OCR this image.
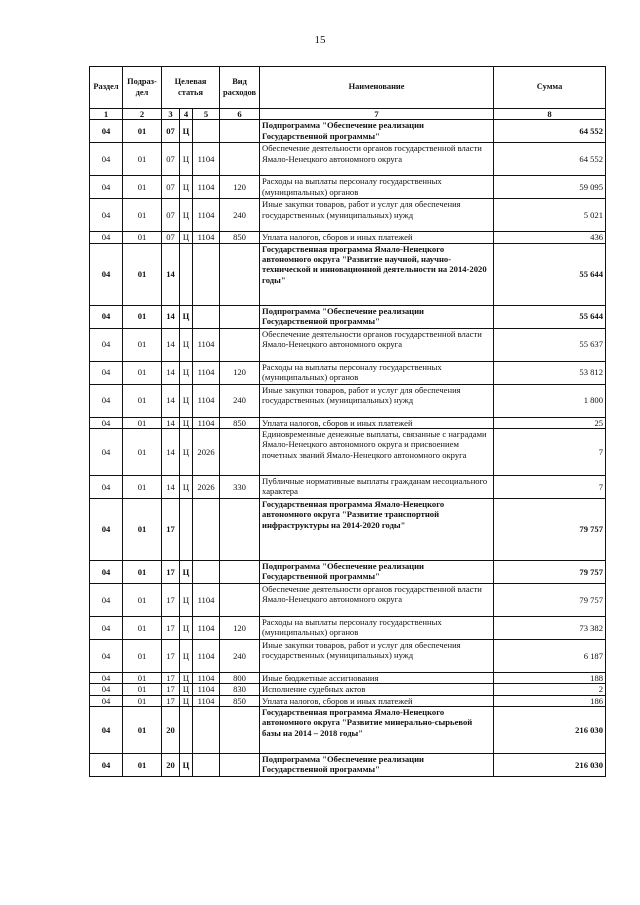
15
Раздел	Подраз-дел	Целевая статья			Вид расходов	Наименование	Сумма
1	2	3	4	5	6	7	8
04	01	07	Ц			Подпрограмма "Обеспечение реализации Государственной программы"	64 552
04	01	07	Ц	1104		Обеспечение деятельности органов государственной власти Ямало-Ненецкого автономного округа	64 552
04	01	07	Ц	1104	120	Расходы на выплаты персоналу государственных (муниципальных) органов	59 095
04	01	07	Ц	1104	240	Иные закупки товаров, работ и услуг для обеспечения государственных (муниципальных) нужд	5 021
04	01	07	Ц	1104	850	Уплата налогов, сборов и иных платежей	436
04	01	14				Государственная программа Ямало-Ненецкого автономного округа "Развитие научной, научно-технической и инновационной деятельности на 2014-2020 годы"	55 644
04	01	14	Ц			Подпрограмма "Обеспечение реализации Государственной программы"	55 644
04	01	14	Ц	1104		Обеспечение деятельности органов государственной власти Ямало-Ненецкого автономного округа	55 637
04	01	14	Ц	1104	120	Расходы на выплаты персоналу государственных (муниципальных) органов	53 812
04	01	14	Ц	1104	240	Иные закупки товаров, работ и услуг для обеспечения государственных (муниципальных) нужд	1 800
04	01	14	Ц	1104	850	Уплата налогов, сборов и иных платежей	25
04	01	14	Ц	2026		Единовременные денежные выплаты, связанные с наградами Ямало-Ненецкого автономного округа и присвоением почетных званий Ямало-Ненецкого автономного округа	7
04	01	14	Ц	2026	330	Публичные нормативные выплаты гражданам несоциального характера	7
04	01	17				Государственная программа Ямало-Ненецкого автономного округа "Развитие транспортной инфраструктуры на 2014-2020 годы"	79 757
04	01	17	Ц			Подпрограмма "Обеспечение реализации Государственной программы"	79 757
04	01	17	Ц	1104		Обеспечение деятельности органов государственной власти Ямало-Ненецкого автономного округа	79 757
04	01	17	Ц	1104	120	Расходы на выплаты персоналу государственных (муниципальных) органов	73 382
04	01	17	Ц	1104	240	Иные закупки товаров, работ и услуг для обеспечения государственных (муниципальных) нужд	6 187
04	01	17	Ц	1104	800	Иные бюджетные ассигнования	188
04	01	17	Ц	1104	830	Исполнение судебных актов	2
04	01	17	Ц	1104	850	Уплата налогов, сборов и иных платежей	186
04	01	20				Государственная программа Ямало-Ненецкого автономного округа "Развитие минерально-сырьевой базы на 2014 – 2018 годы"	216 030
04	01	20	Ц			Подпрограмма "Обеспечение реализации Государственной программы"	216 030
